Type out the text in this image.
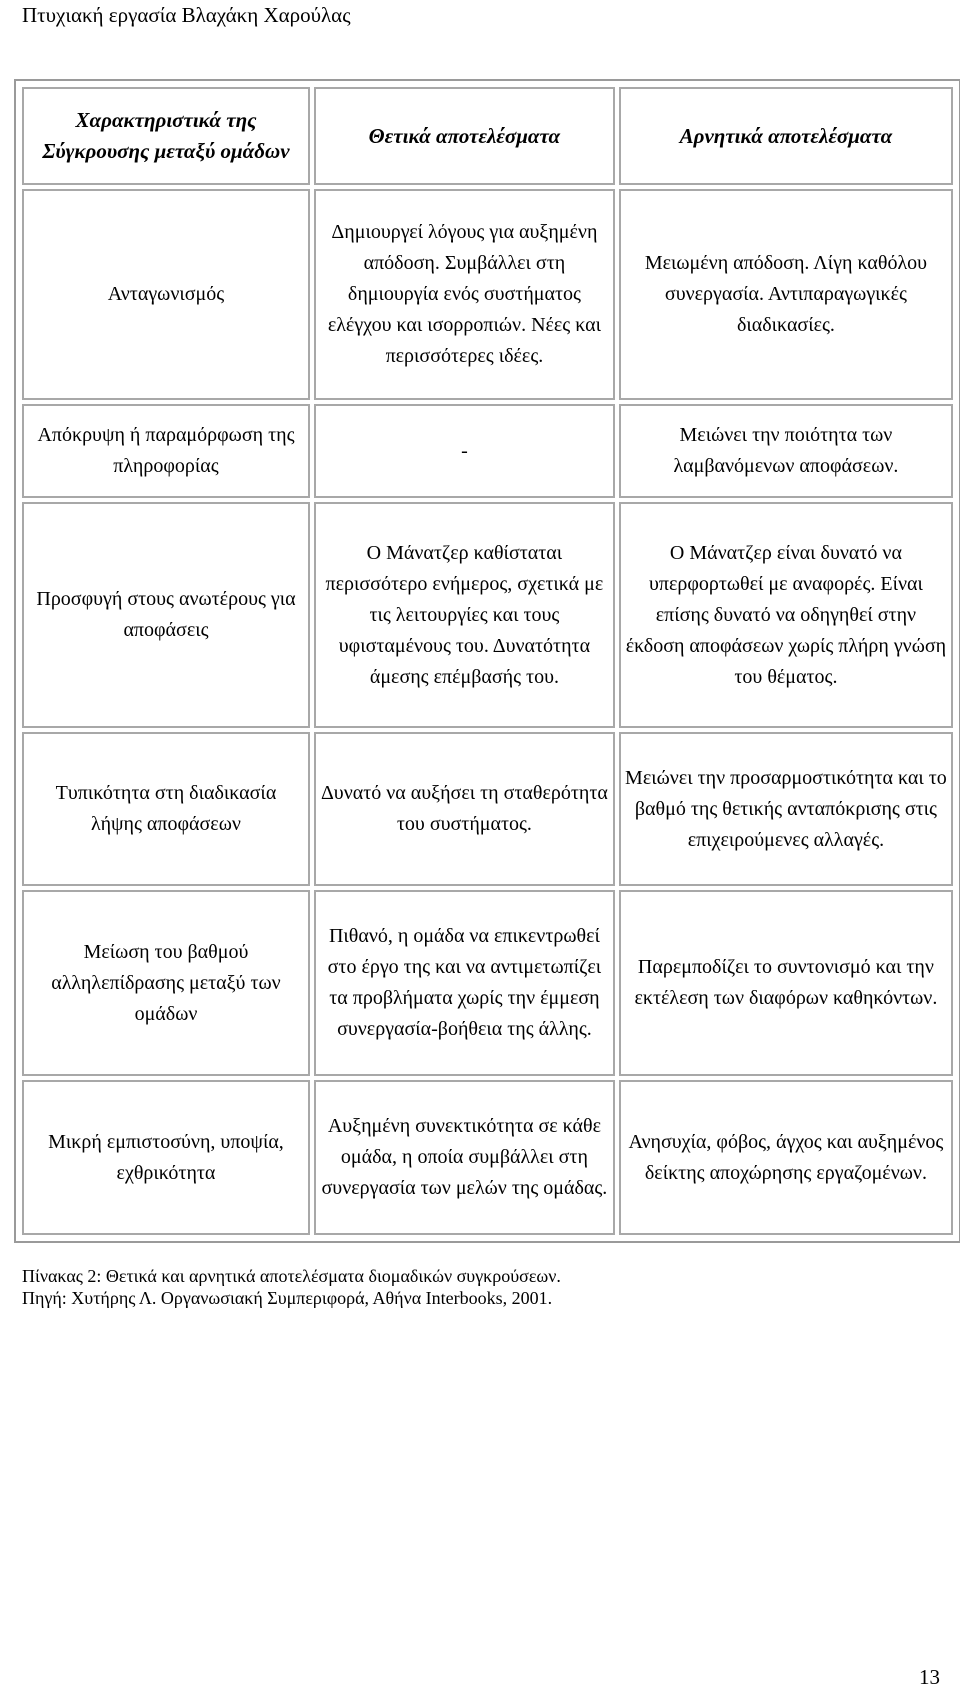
Πτυχιακή εργασία Βλαχάκη Χαρούλας
Χαρακτηριστικά της Σύγκρουσης μεταξύ ομάδων	Θετικά αποτελέσματα	Αρνητικά αποτελέσματα
Ανταγωνισμός	Δημιουργεί λόγους για αυξημένη απόδοση. Συμβάλλει στη δημιουργία ενός συστήματος ελέγχου και ισορροπιών. Νέες και περισσότερες ιδέες.	Μειωμένη απόδοση. Λίγη καθόλου συνεργασία. Αντιπαραγωγικές διαδικασίες.
Απόκρυψη ή παραμόρφωση της πληροφορίας	-	Μειώνει την ποιότητα των λαμβανόμενων αποφάσεων.
Προσφυγή στους ανωτέρους για αποφάσεις	Ο Μάνατζερ καθίσταται περισσότερο ενήμερος, σχετικά με τις λειτουργίες και τους υφισταμένους του. Δυνατότητα άμεσης επέμβασής του.	Ο Μάνατζερ είναι δυνατό να υπερφορτωθεί με αναφορές. Είναι επίσης δυνατό να οδηγηθεί στην έκδοση αποφάσεων χωρίς πλήρη γνώση του θέματος.
Τυπικότητα στη διαδικασία λήψης αποφάσεων	Δυνατό να αυξήσει τη σταθερότητα του συστήματος.	Μειώνει την προσαρμοστικότητα και το βαθμό της θετικής ανταπόκρισης στις επιχειρούμενες αλλαγές.
Μείωση του βαθμού αλληλεπίδρασης μεταξύ των ομάδων	Πιθανό, η ομάδα να επικεντρωθεί στο έργο της και να αντιμετωπίζει τα προβλήματα χωρίς την έμμεση συνεργασία-βοήθεια της άλλης.	Παρεμποδίζει το συντονισμό και την εκτέλεση των διαφόρων καθηκόντων.
Μικρή εμπιστοσύνη, υποψία, εχθρικότητα	Αυξημένη συνεκτικότητα σε κάθε ομάδα, η οποία συμβάλλει στη συνεργασία των μελών της ομάδας.	Ανησυχία, φόβος, άγχος και αυξημένος δείκτης αποχώρησης εργαζομένων.
Πίνακας 2: Θετικά και αρνητικά αποτελέσματα διομαδικών συγκρούσεων.
Πηγή: Χυτήρης Λ. Οργανωσιακή Συμπεριφορά, Αθήνα Interbooks, 2001.
13
